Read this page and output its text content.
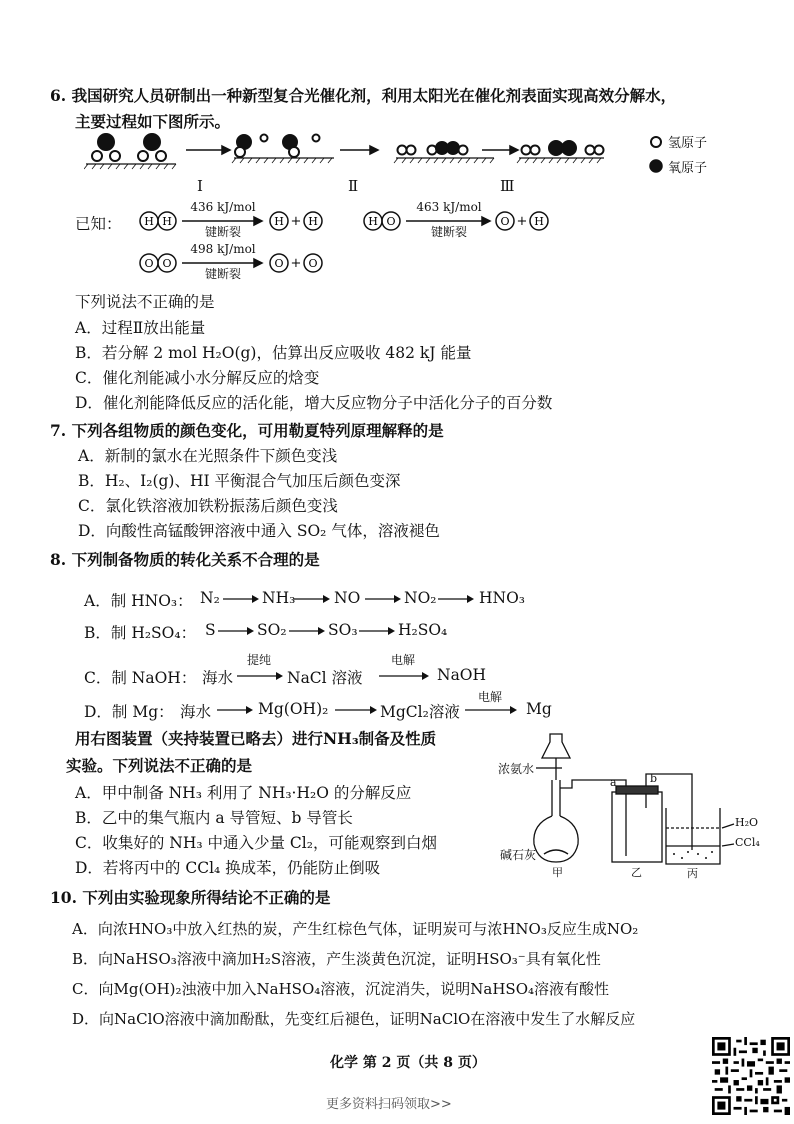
6. 我国研究人员研制出一种新型复合光催化剂，利用太阳光在催化剂表面实现高效分解水，
主要过程如下图所示。
Ⅰ	Ⅱ	Ⅲ
氢原子
氧原子
已知： H H	H + H
436 kJ/mol
键断裂
H O	O + H
463 kJ/mol
键断裂
O O	O + O
498 kJ/mol
键断裂
下列说法不正确的是
A．过程Ⅱ放出能量
B．若分解 2 mol H₂O(g)，估算出反应吸收 482 kJ 能量
C．催化剂能减小水分解反应的焓变
D．催化剂能降低反应的活化能，增大反应物分子中活化分子的百分数
7. 下列各组物质的颜色变化，可用勒夏特列原理解释的是
A．新制的氯水在光照条件下颜色变浅
B．H₂、I₂(g)、HI 平衡混合气加压后颜色变深
C．氯化铁溶液加铁粉振荡后颜色变浅
D．向酸性高锰酸钾溶液中通入 SO₂ 气体，溶液褪色
8. 下列制备物质的转化关系不合理的是
A．制 HNO₃： N₂	NH₃ NO	NO₂	HNO₃
B．制 H₂SO₄： S	SO₂	SO₃	H₂SO₄
C．制 NaOH： 海水
提纯
NaCl 溶液
电解
NaOH
D．制 Mg： 海水	Mg(OH)₂	MgCl₂溶液
电解
Mg
用右图装置（夹持装置已略去）进行NH₃制备及性质
实验。下列说法不正确的是
A．甲中制备 NH₃ 利用了 NH₃·H₂O 的分解反应
B．乙中的集气瓶内 a 导管短、b 导管长
C．收集好的 NH₃ 中通入少量 Cl₂，可能观察到白烟
D．若将丙中的 CCl₄ 换成苯，仍能防止倒吸
浓氨水
碱石灰
甲	乙	丙
a	b
H₂O
CCl₄
10. 下列由实验现象所得结论不正确的是
A．向浓HNO₃中放入红热的炭，产生红棕色气体，证明炭可与浓HNO₃反应生成NO₂
B．向NaHSO₃溶液中滴加H₂S溶液，产生淡黄色沉淀，证明HSO₃⁻具有氧化性
C．向Mg(OH)₂浊液中加入NaHSO₄溶液，沉淀消失，说明NaHSO₄溶液有酸性
D．向NaClO溶液中滴加酚酞，先变红后褪色，证明NaClO在溶液中发生了水解反应
化学 第 2 页（共 8 页）
更多资料扫码领取>>
